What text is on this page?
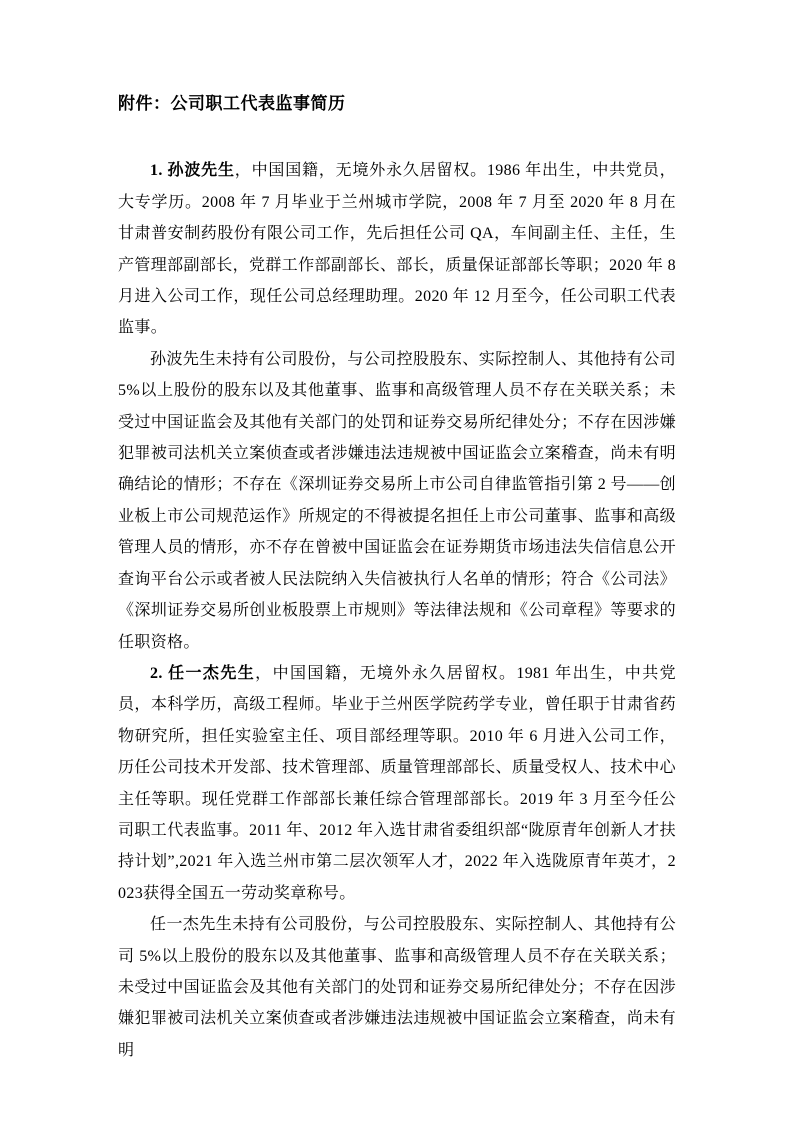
附件：公司职工代表监事简历

1. 孙波先生，中国国籍，无境外永久居留权。1986 年出生，中共党员，大专学历。2008 年 7 月毕业于兰州城市学院，2008 年 7 月至 2020 年 8 月在甘肃普安制药股份有限公司工作，先后担任公司 QA，车间副主任、主任，生产管理部副部长，党群工作部副部长、部长，质量保证部部长等职；2020 年 8 月进入公司工作，现任公司总经理助理。2020 年 12 月至今，任公司职工代表监事。

孙波先生未持有公司股份，与公司控股股东、实际控制人、其他持有公司 5%以上股份的股东以及其他董事、监事和高级管理人员不存在关联关系；未受过中国证监会及其他有关部门的处罚和证券交易所纪律处分；不存在因涉嫌犯罪被司法机关立案侦查或者涉嫌违法违规被中国证监会立案稽查，尚未有明确结论的情形；不存在《深圳证券交易所上市公司自律监管指引第 2 号——创业板上市公司规范运作》所规定的不得被提名担任上市公司董事、监事和高级管理人员的情形，亦不存在曾被中国证监会在证券期货市场违法失信信息公开查询平台公示或者被人民法院纳入失信被执行人名单的情形；符合《公司法》《深圳证券交易所创业板股票上市规则》等法律法规和《公司章程》等要求的任职资格。

2. 任一杰先生，中国国籍，无境外永久居留权。1981 年出生，中共党员，本科学历，高级工程师。毕业于兰州医学院药学专业，曾任职于甘肃省药物研究所，担任实验室主任、项目部经理等职。2010 年 6 月进入公司工作，历任公司技术开发部、技术管理部、质量管理部部长、质量受权人、技术中心主任等职。现任党群工作部部长兼任综合管理部部长。2019 年 3 月至今任公司职工代表监事。2011 年、2012 年入选甘肃省委组织部“陇原青年创新人才扶持计划”,2021 年入选兰州市第二层次领军人才，2022 年入选陇原青年英才，2023获得全国五一劳动奖章称号。

任一杰先生未持有公司股份，与公司控股股东、实际控制人、其他持有公司 5%以上股份的股东以及其他董事、监事和高级管理人员不存在关联关系；未受过中国证监会及其他有关部门的处罚和证券交易所纪律处分；不存在因涉嫌犯罪被司法机关立案侦查或者涉嫌违法违规被中国证监会立案稽查，尚未有明
